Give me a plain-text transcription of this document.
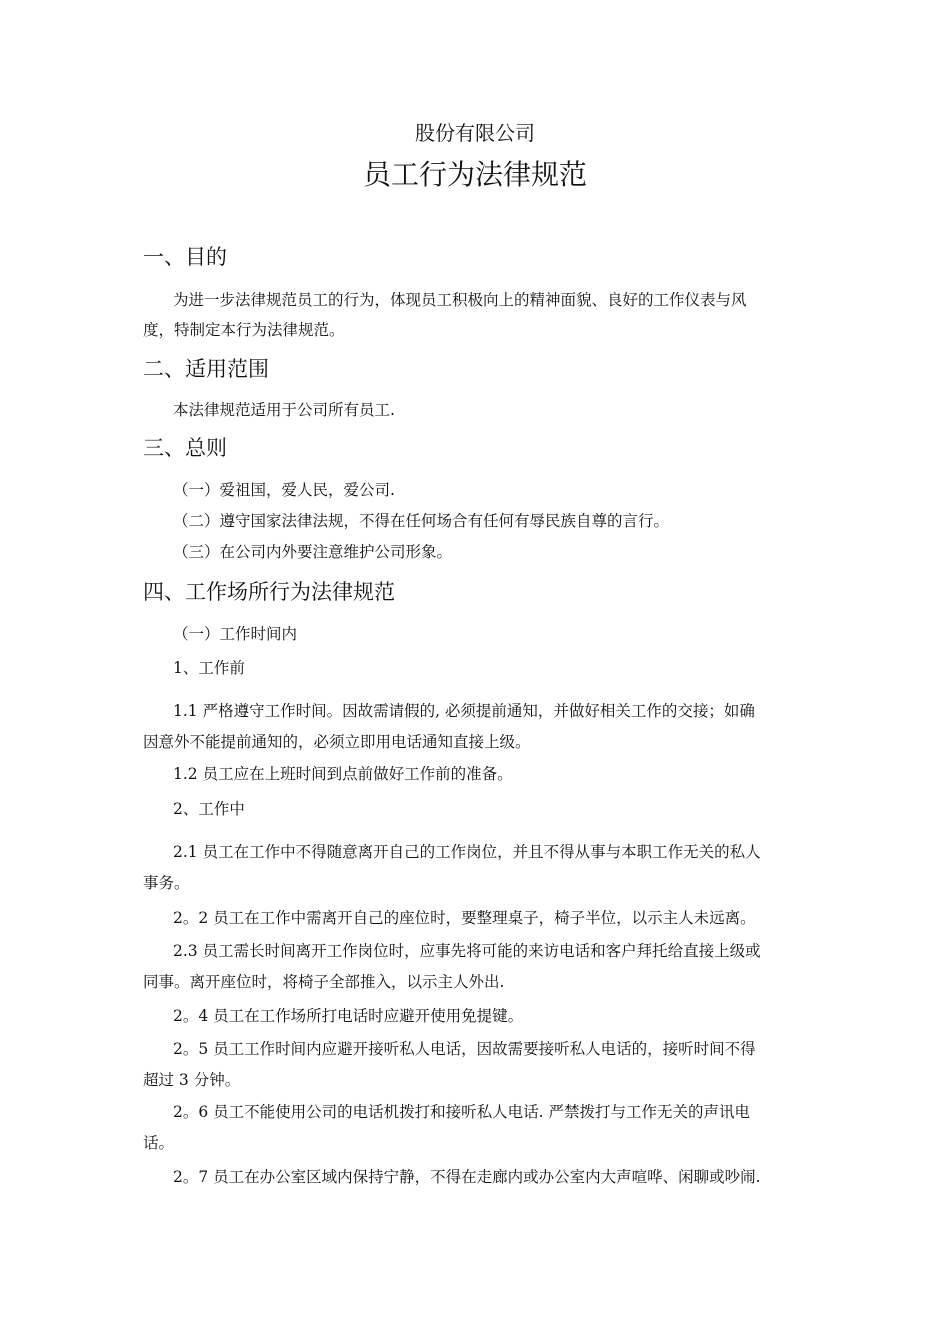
股份有限公司
员工行为法律规范
一、目的
为进一步法律规范员工的行为，体现员工积极向上的精神面貌、良好的工作仪表与风
度，特制定本行为法律规范。
二、适用范围
本法律规范适用于公司所有员工.
三、总则
（一）爱祖国，爱人民，爱公司.
（二）遵守国家法律法规，不得在任何场合有任何有辱民族自尊的言行。
（三）在公司内外要注意维护公司形象。
四、工作场所行为法律规范
（一）工作时间内
1、工作前
1.1 严格遵守工作时间。因故需请假的, 必须提前通知，并做好相关工作的交接；如确
因意外不能提前通知的，必须立即用电话通知直接上级。
1.2 员工应在上班时间到点前做好工作前的准备。
2、工作中
2.1 员工在工作中不得随意离开自己的工作岗位，并且不得从事与本职工作无关的私人
事务。
2。2 员工在工作中需离开自己的座位时，要整理桌子，椅子半位，以示主人未远离。
2.3 员工需长时间离开工作岗位时，应事先将可能的来访电话和客户拜托给直接上级或
同事。离开座位时，将椅子全部推入，以示主人外出.
2。4 员工在工作场所打电话时应避开使用免提键。
2。5 员工工作时间内应避开接听私人电话，因故需要接听私人电话的，接听时间不得
超过 3 分钟。
2。6 员工不能使用公司的电话机拨打和接听私人电话. 严禁拨打与工作无关的声讯电
话。
2。7 员工在办公室区域内保持宁静，不得在走廊内或办公室内大声喧哗、闲聊或吵闹.
